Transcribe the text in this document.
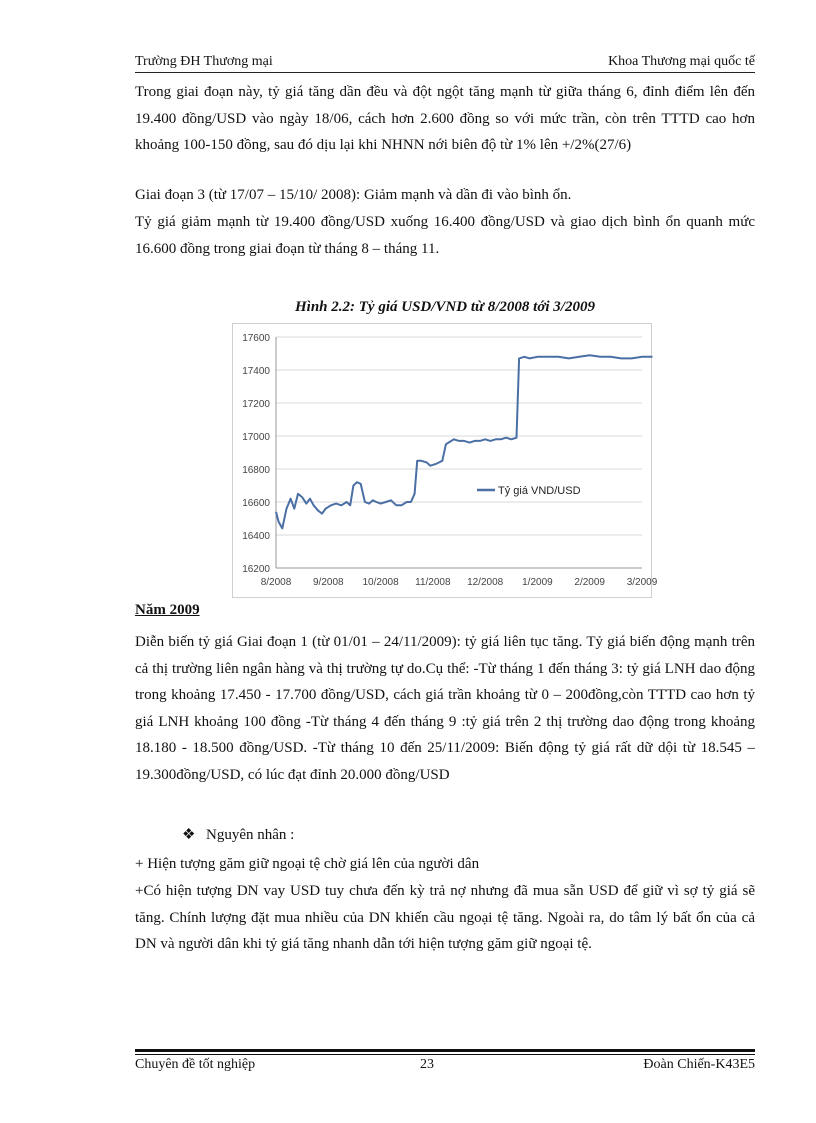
Trường ĐH Thương mại	Khoa Thương mại quốc tế

Trong giai đoạn này, tỷ giá tăng dần đều và đột ngột tăng mạnh từ giữa tháng 6, đỉnh điểm lên đến 19.400 đồng/USD vào ngày 18/06, cách hơn 2.600 đồng so với mức trần, còn trên TTTD cao hơn khoảng 100-150 đồng, sau đó dịu lại khi NHNN nới biên độ từ 1% lên +/2%(27/6)

Giai đoạn 3 (từ 17/07 – 15/10/ 2008): Giảm mạnh và dần đi vào bình ổn.

Tỷ giá giảm mạnh từ 19.400 đồng/USD xuống 16.400 đồng/USD và giao dịch bình ổn quanh mức 16.600 đồng trong giai đoạn từ tháng 8 – tháng 11.

Hình 2.2: Tỷ giá USD/VND từ 8/2008 tới 3/2009
16200
16400
16600
16800
17000
17200
17400
17600
8/2008 9/2008 10/2008 11/2008 12/2008 1/2009 2/2009 3/2009
Tỷ giá VND/USD
Năm 2009

Diễn biến tỷ giá Giai đoạn 1 (từ 01/01 – 24/11/2009): tỷ giá liên tục tăng. Tỷ giá biến động mạnh trên cả thị trường liên ngân hàng và thị trường tự do.Cụ thể: -Từ tháng 1 đến tháng 3: tỷ giá LNH dao động trong khoảng 17.450 - 17.700 đồng/USD, cách giá trần khoảng từ 0 – 200đồng,còn TTTD cao hơn tỷ giá LNH khoảng 100 đồng -Từ tháng 4 đến tháng 9 :tỷ giá trên 2 thị trường dao động trong khoảng 18.180 - 18.500 đồng/USD. -Từ tháng 10 đến 25/11/2009: Biến động tỷ giá rất dữ dội từ 18.545 – 19.300đồng/USD, có lúc đạt đỉnh 20.000 đồng/USD

❖ Nguyên nhân :

+ Hiện tượng găm giữ ngoại tệ chờ giá lên của người dân

+Có hiện tượng DN vay USD tuy chưa đến kỳ trả nợ nhưng đã mua sẵn USD để giữ vì sợ tỷ giá sẽ tăng. Chính lượng đặt mua nhiều của DN khiến cầu ngoại tệ tăng. Ngoài ra, do tâm lý bất ổn của cả DN và người dân khi tỷ giá tăng nhanh dẫn tới hiện tượng găm giữ ngoại tệ.

Chuyên đề tốt nghiệp	23	Đoàn Chiến-K43E5
